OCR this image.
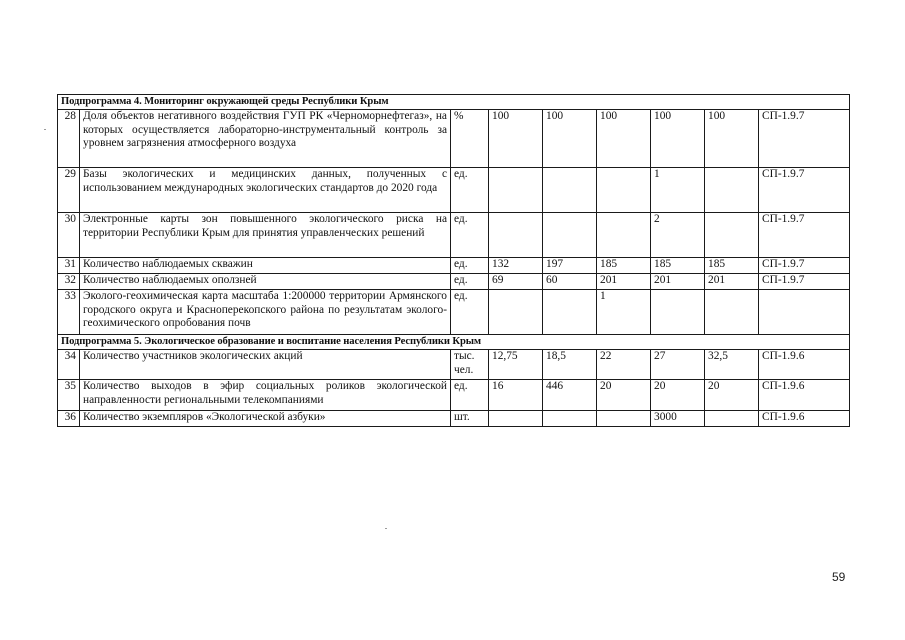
Подпрограмма 4. Мониторинг окружающей среды Республики Крым								
28	Доля объектов негативного воздействия ГУП РК «Черноморнефтегаз», на которых осуществляется лабораторно-инструментальный контроль за уровнем загрязнения атмосферного воздуха	%	100	100	100	100	100	СП-1.9.7
29	Базы экологических и медицинских данных, полученных с использованием международных экологических стандартов до 2020 года	ед.				1		СП-1.9.7
30	Электронные карты зон повышенного экологического риска на территории Республики Крым для принятия управленческих решений	ед.				2		СП-1.9.7
31	Количество наблюдаемых скважин	ед.	132	197	185	185	185	СП-1.9.7
32	Количество наблюдаемых оползней	ед.	69	60	201	201	201	СП-1.9.7
33	Эколого-геохимическая карта масштаба 1:200000 территории Армянского городского округа и Красноперекопского района по результатам эколого-геохимического опробования почв	ед.			1			
Подпрограмма 5. Экологическое образование и воспитание населения Республики Крым								
34	Количество участников экологических акций	тыс. чел.	12,75	18,5	22	27	32,5	СП-1.9.6
35	Количество выходов в эфир социальных роликов экологической направленности региональными телекомпаниями	ед.	16	446	20	20	20	СП-1.9.6
36	Количество экземпляров «Экологической азбуки»	шт.				3000		СП-1.9.6
59
